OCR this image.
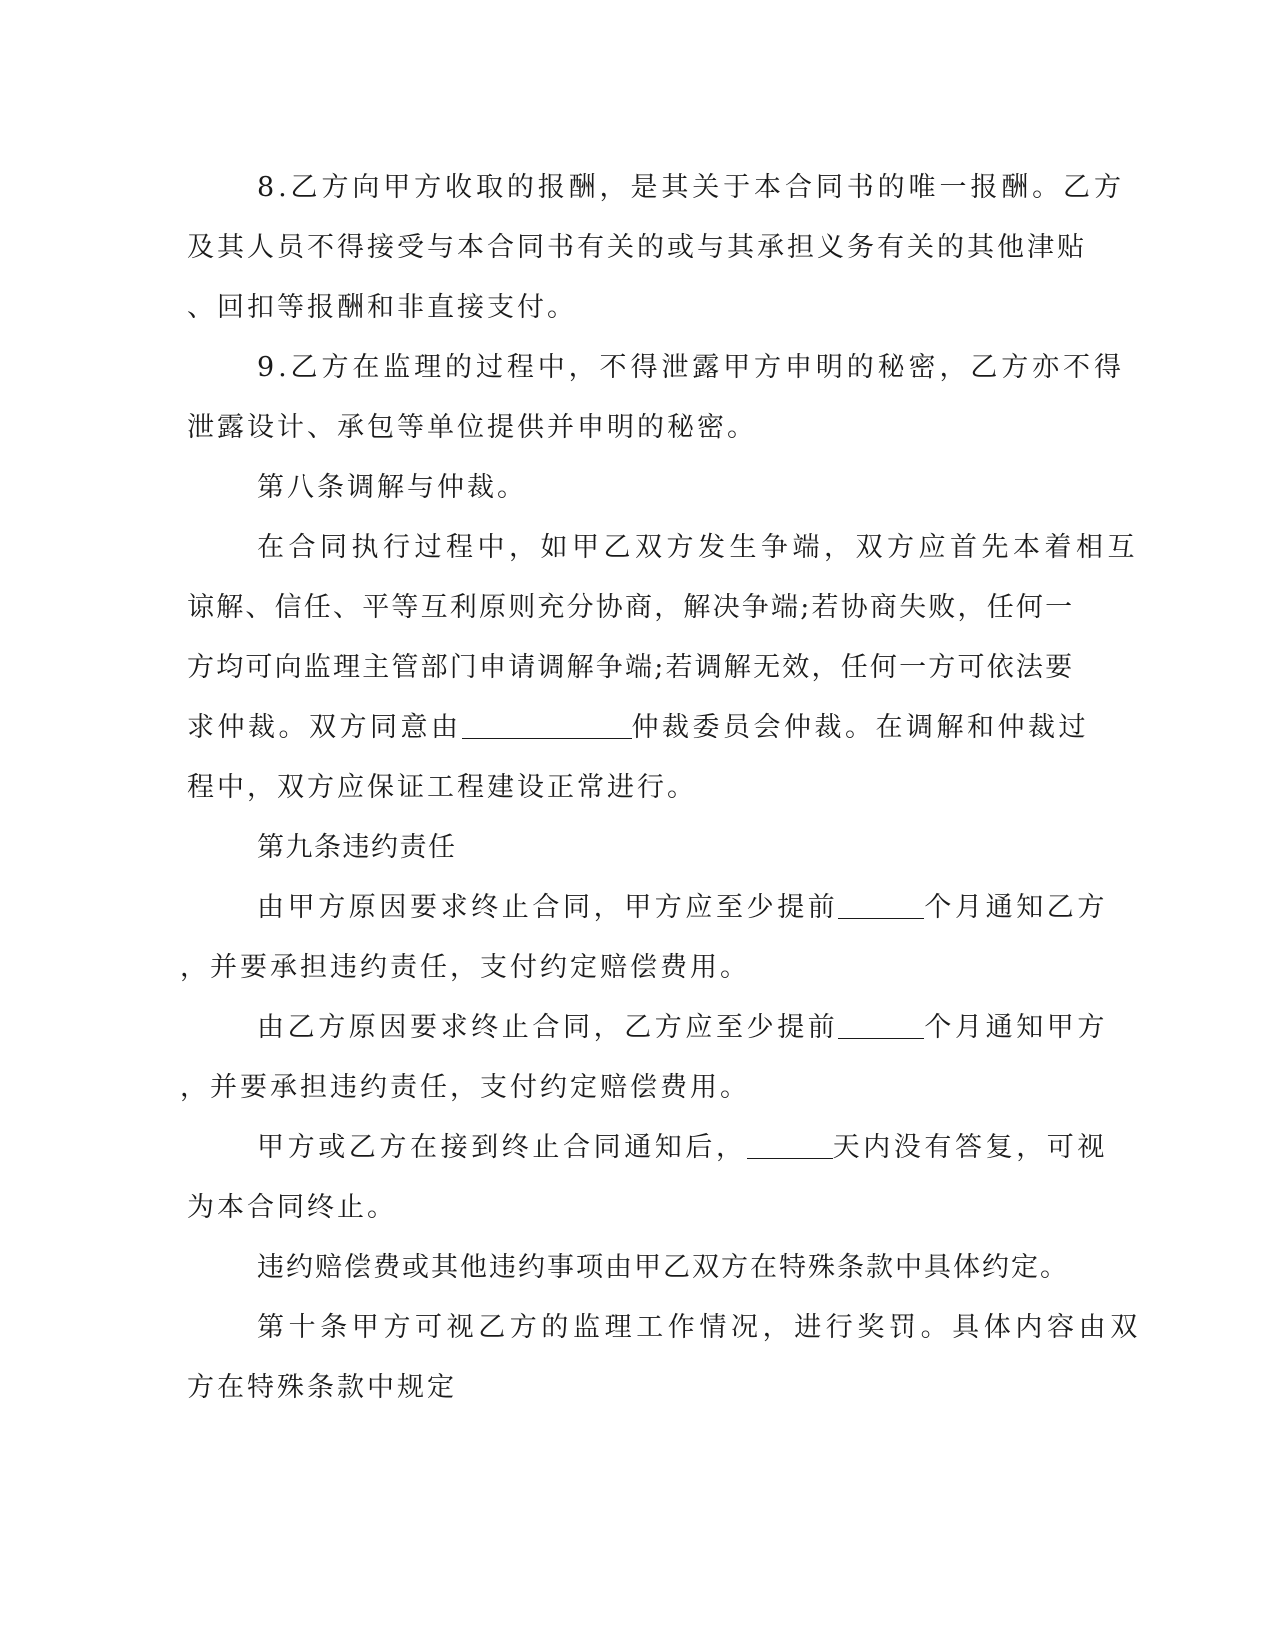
8.乙方向甲方收取的报酬，是其关于本合同书的唯一报酬。乙方

及其人员不得接受与本合同书有关的或与其承担义务有关的其他津贴

、回扣等报酬和非直接支付。

9.乙方在监理的过程中，不得泄露甲方申明的秘密，乙方亦不得

泄露设计、承包等单位提供并申明的秘密。

第八条调解与仲裁。

在合同执行过程中，如甲乙双方发生争端，双方应首先本着相互

谅解、信任、平等互利原则充分协商，解决争端;若协商失败，任何一

方均可向监理主管部门申请调解争端;若调解无效，任何一方可依法要

求仲裁。双方同意由	仲裁委员会仲裁。在调解和仲裁过

程中，双方应保证工程建设正常进行。

第九条违约责任

由甲方原因要求终止合同，甲方应至少提前	个月通知乙方

，并要承担违约责任，支付约定赔偿费用。

由乙方原因要求终止合同，乙方应至少提前	个月通知甲方

，并要承担违约责任，支付约定赔偿费用。

甲方或乙方在接到终止合同通知后，	天内没有答复，可视

为本合同终止。

违约赔偿费或其他违约事项由甲乙双方在特殊条款中具体约定。

第十条甲方可视乙方的监理工作情况，进行奖罚。具体内容由双

方在特殊条款中规定
